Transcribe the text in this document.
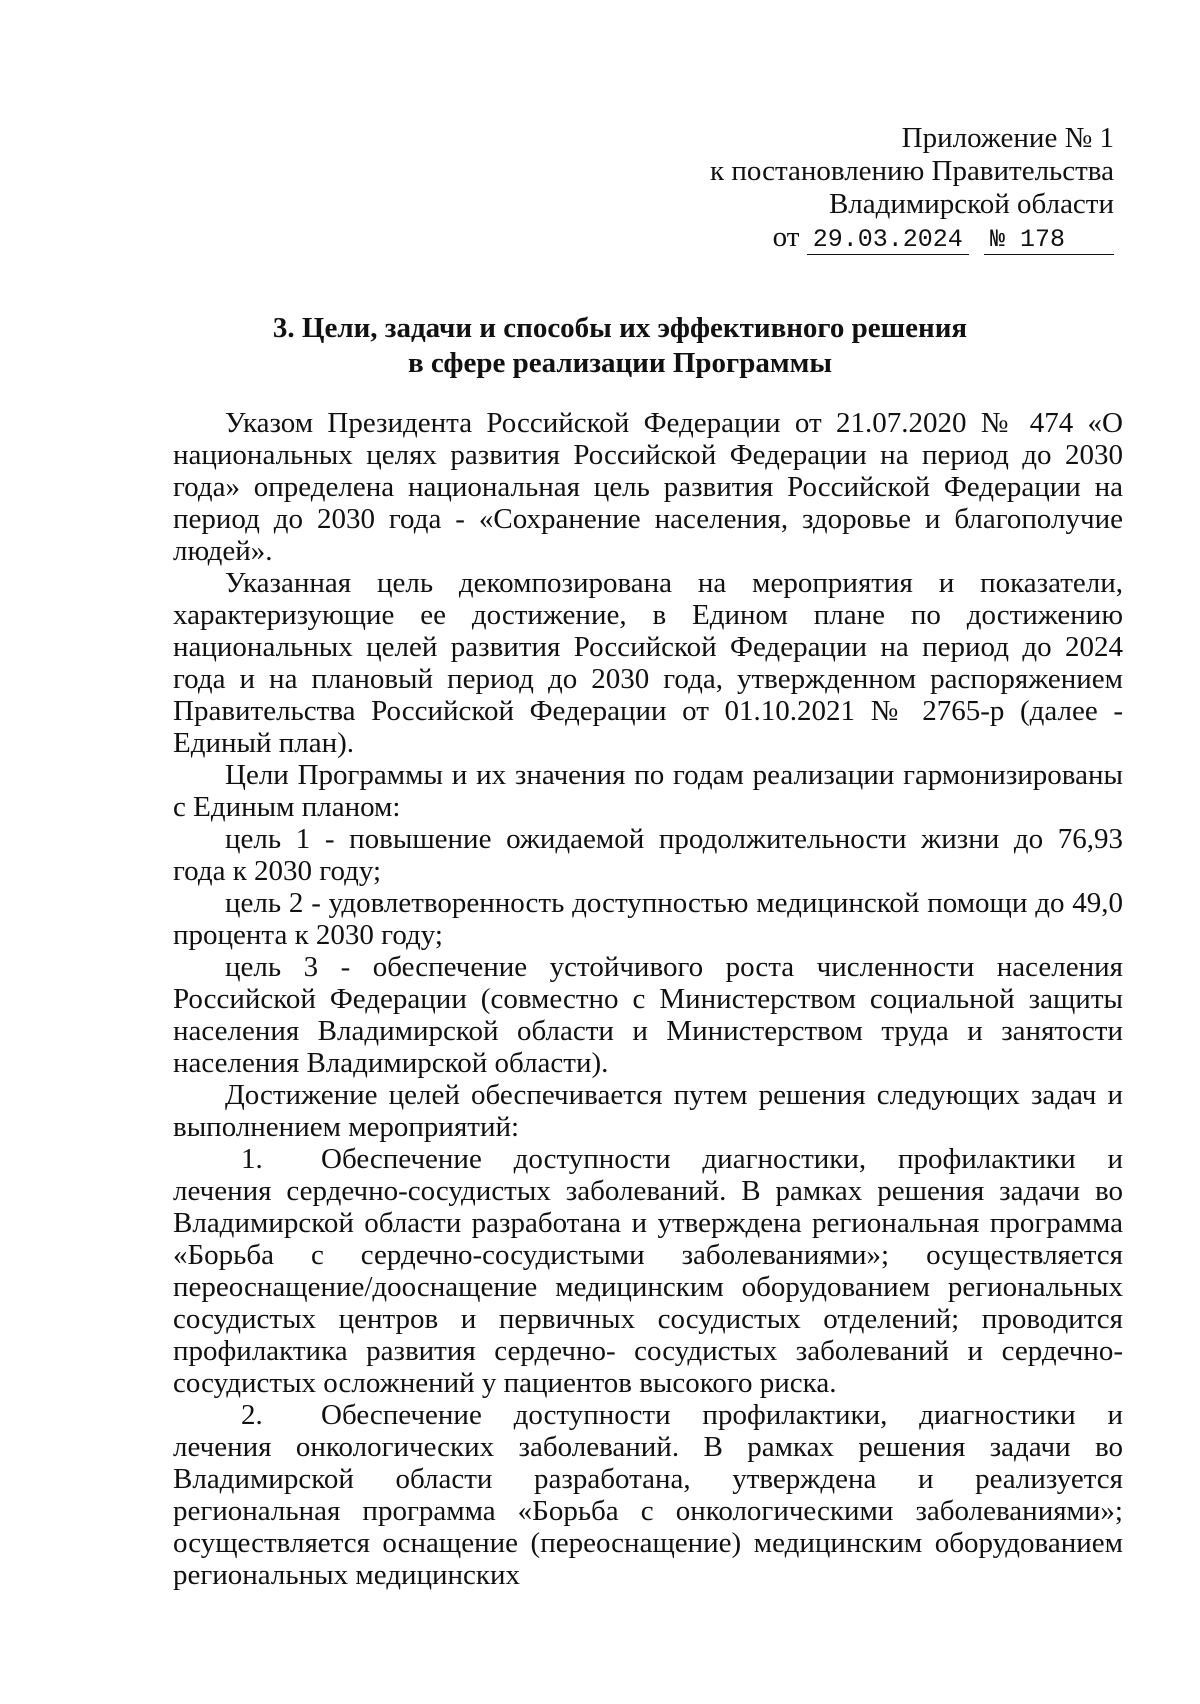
Приложение № 1
к постановлению Правительства
Владимирской области
от 29.03.2024 № 178
3. Цели, задачи и способы их эффективного решения
в сфере реализации Программы

Указом Президента Российской Федерации от 21.07.2020 № 474 «О национальных целях развития Российской Федерации на период до 2030 года» определена национальная цель развития Российской Федерации на период до 2030 года - «Сохранение населения, здоровье и благополучие людей».

Указанная цель декомпозирована на мероприятия и показатели, характеризующие ее достижение, в Едином плане по достижению национальных целей развития Российской Федерации на период до 2024 года и на плановый период до 2030 года, утвержденном распоряжением Правительства Российской Федерации от 01.10.2021 № 2765-р (далее - Единый план).

Цели Программы и их значения по годам реализации гармонизированы с Единым планом:

цель 1 - повышение ожидаемой продолжительности жизни до 76,93 года к 2030 году;

цель 2 - удовлетворенность доступностью медицинской помощи до 49,0 процента к 2030 году;

цель 3 - обеспечение устойчивого роста численности населения Российской Федерации (совместно с Министерством социальной защиты населения Владимирской области и Министерством труда и занятости населения Владимирской области).

Достижение целей обеспечивается путем решения следующих задач и выполнением мероприятий:

1. Обеспечение доступности диагностики, профилактики и лечения сердечно-сосудистых заболеваний. В рамках решения задачи во Владимирской области разработана и утверждена региональная программа «Борьба с сердечно-сосудистыми заболеваниями»; осуществляется переоснащение/дооснащение медицинским оборудованием региональных сосудистых центров и первичных сосудистых отделений; проводится профилактика развития сердечно- сосудистых заболеваний и сердечно-сосудистых осложнений у пациентов высокого риска.

2. Обеспечение доступности профилактики, диагностики и лечения онкологических заболеваний. В рамках решения задачи во Владимирской области разработана, утверждена и реализуется региональная программа «Борьба с онкологическими заболеваниями»; осуществляется оснащение (переоснащение) медицинским оборудованием региональных медицинских
